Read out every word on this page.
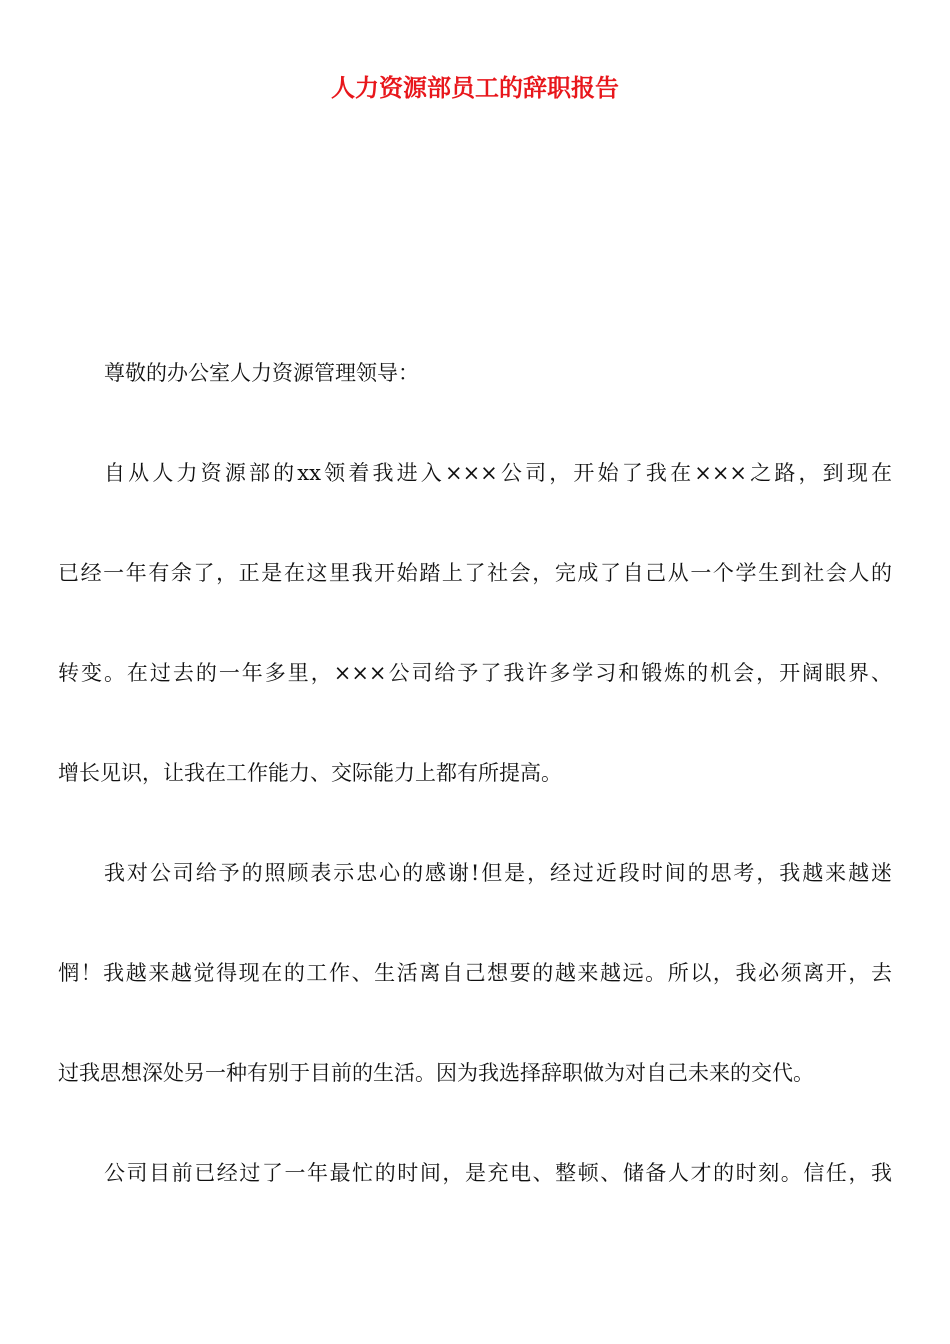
人力资源部员工的辞职报告
尊敬的办公室人力资源管理领导：
自从人力资源部的xx领着我进入×××公司，开始了我在×××之路，到现在
已经一年有余了，正是在这里我开始踏上了社会，完成了自己从一个学生到社会人的
转变。在过去的一年多里，×××公司给予了我许多学习和锻炼的机会，开阔眼界、
增长见识，让我在工作能力、交际能力上都有所提高。
我对公司给予的照顾表示忠心的感谢!但是，经过近段时间的思考，我越来越迷
惘！我越来越觉得现在的工作、生活离自己想要的越来越远。所以，我必须离开，去
过我思想深处另一种有别于目前的生活。因为我选择辞职做为对自己未来的交代。
公司目前已经过了一年最忙的时间，是充电、整顿、储备人才的时刻。信任，我
